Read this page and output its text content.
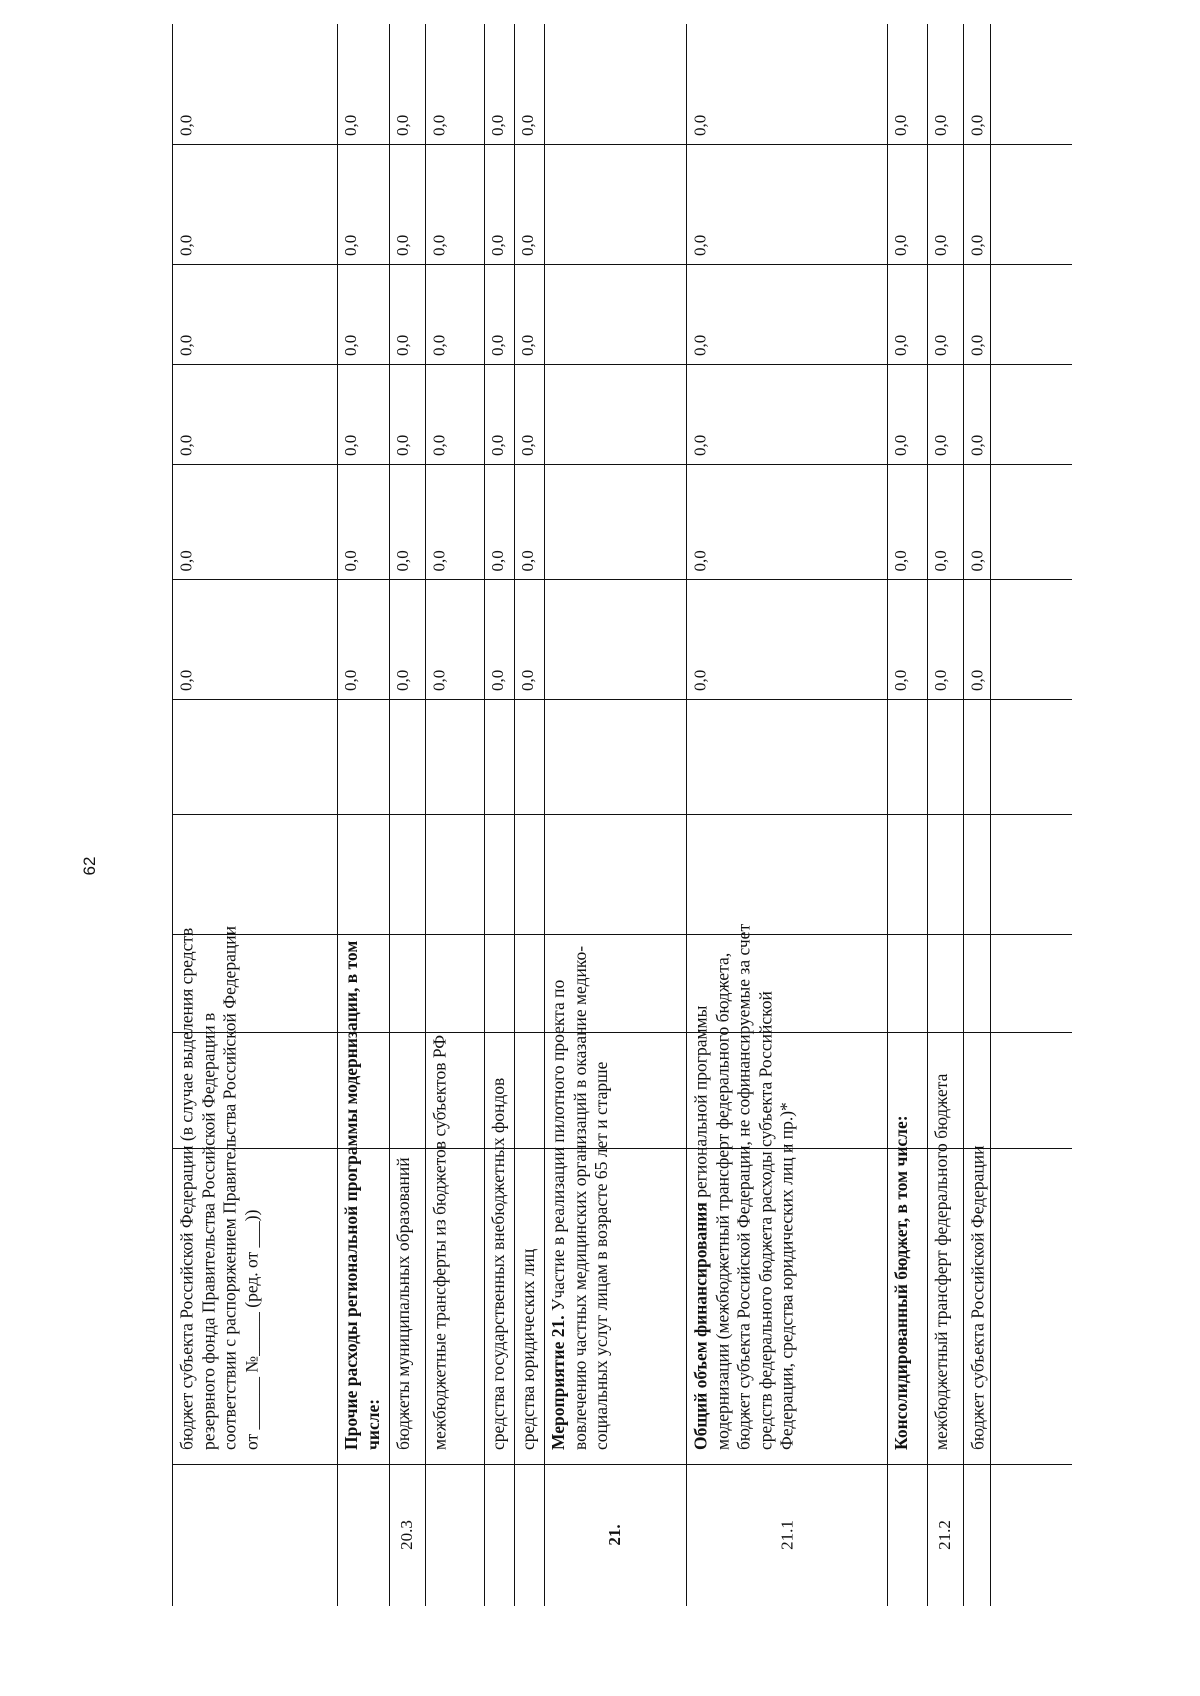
62
бюджет субъекта Российской Федерации (в случае выделения средств резервного фонда Правительства Российской Федерации в соответствии с распоряжением Правительства Российской Федерации от ______ №_____ (ред. от ___))
0,0
0,0
0,0
0,0
0,0
0,0
Прочие расходы региональной программы модернизации, в том числе:
0,0
0,0
0,0
0,0
0,0
0,0
20.3
бюджеты муниципальных образований
0,0
0,0
0,0
0,0
0,0
0,0
межбюджетные трансферты из бюджетов субъектов РФ
0,0
0,0
0,0
0,0
0,0
0,0
средства государственных внебюджетных фондов
0,0
0,0
0,0
0,0
0,0
0,0
средства юридических лиц
0,0
0,0
0,0
0,0
0,0
0,0
21.
Мероприятие 21. Участие в реализации пилотного проекта по вовлечению частных медицинских организаций в оказание медико-социальных услуг лицам в возрасте 65 лет и старше
21.1
Общий объем финансирования региональной программы модернизации (межбюджетный трансферт федерального бюджета, бюджет субъекта Российской Федерации, не софинансируемые за счет средств федерального бюджета расходы субъекта Российской Федерации, средства юридических лиц и пр.)*
0,0
0,0
0,0
0,0
0,0
0,0
Консолидированный бюджет, в том числе:
0,0
0,0
0,0
0,0
0,0
0,0
21.2
межбюджетный трансферт федерального бюджета
0,0
0,0
0,0
0,0
0,0
0,0
бюджет субъекта Российской Федерации
0,0
0,0
0,0
0,0
0,0
0,0
